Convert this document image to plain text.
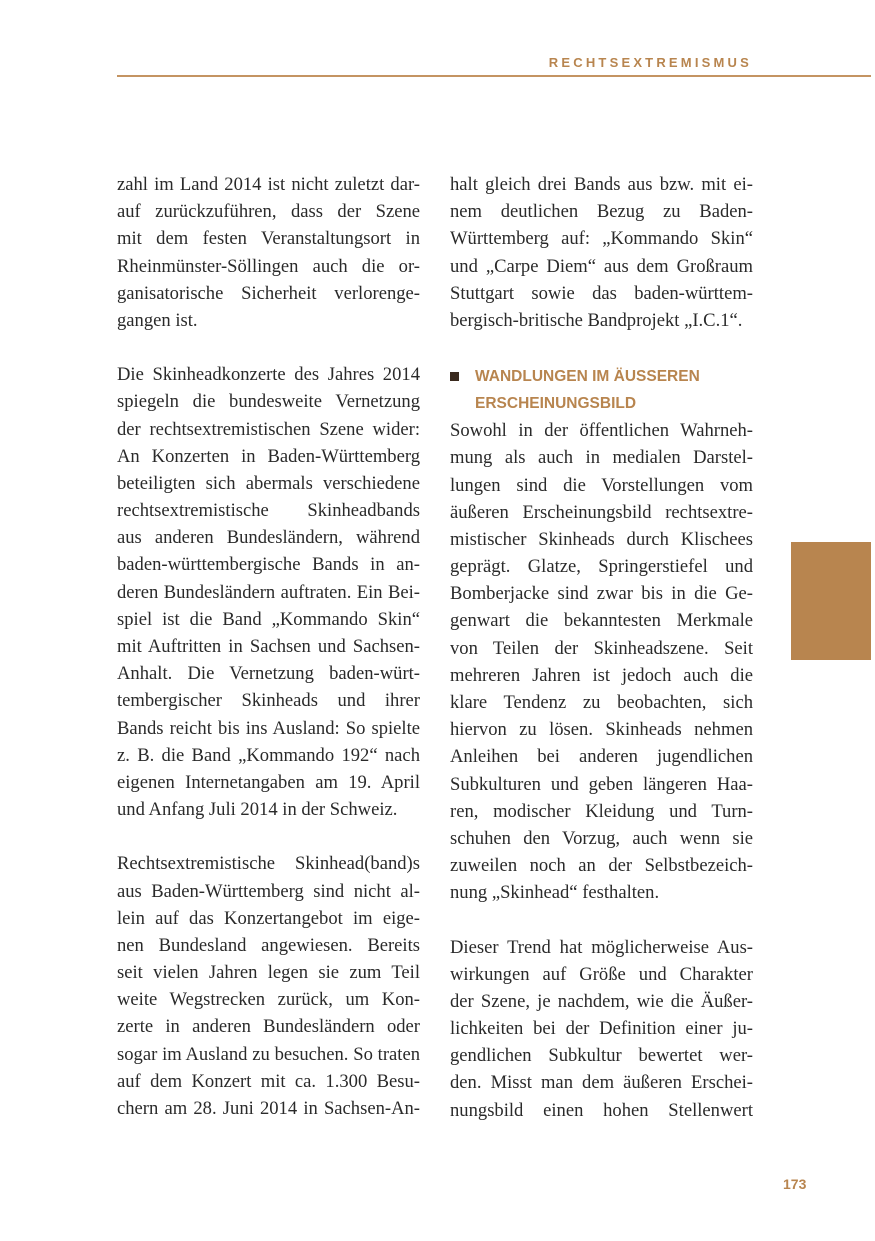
RECHTSEXTREMISMUS
zahl im Land 2014 ist nicht zuletzt dar-
auf zurückzuführen, dass der Szene
mit dem festen Veranstaltungsort in
Rheinmünster-Söllingen auch die or-
ganisatorische Sicherheit verlorenge-
gangen ist.
Die Skinheadkonzerte des Jahres 2014
spiegeln die bundesweite Vernetzung
der rechtsextremistischen Szene wider:
An Konzerten in Baden-Württemberg
beteiligten sich abermals verschiedene
rechtsextremistische Skinheadbands
aus anderen Bundesländern, während
baden-württembergische Bands in an-
deren Bundesländern auftraten. Ein Bei-
spiel ist die Band „Kommando Skin“
mit Auftritten in Sachsen und Sachsen-
Anhalt. Die Vernetzung baden-würt-
tembergischer Skinheads und ihrer
Bands reicht bis ins Ausland: So spielte
z. B. die Band „Kommando 192“ nach
eigenen Internetangaben am 19. April
und Anfang Juli 2014 in der Schweiz.
Rechtsextremistische Skinhead(band)s
aus Baden-Württemberg sind nicht al-
lein auf das Konzertangebot im eige-
nen Bundesland angewiesen. Bereits
seit vielen Jahren legen sie zum Teil
weite Wegstrecken zurück, um Kon-
zerte in anderen Bundesländern oder
sogar im Ausland zu besuchen. So traten
auf dem Konzert mit ca. 1.300 Besu-
chern am 28. Juni 2014 in Sachsen-An-
halt gleich drei Bands aus bzw. mit ei-
nem deutlichen Bezug zu Baden-
Württemberg auf: „Kommando Skin“
und „Carpe Diem“ aus dem Großraum
Stuttgart sowie das baden-württem-
bergisch-britische Bandprojekt „I.C.1“.
WANDLUNGEN IM ÄUSSEREN
ERSCHEINUNGSBILD
Sowohl in der öffentlichen Wahrneh-
mung als auch in medialen Darstel-
lungen sind die Vorstellungen vom
äußeren Erscheinungsbild rechtsextre-
mistischer Skinheads durch Klischees
geprägt. Glatze, Springerstiefel und
Bomberjacke sind zwar bis in die Ge-
genwart die bekanntesten Merkmale
von Teilen der Skinheadszene. Seit
mehreren Jahren ist jedoch auch die
klare Tendenz zu beobachten, sich
hiervon zu lösen. Skinheads nehmen
Anleihen bei anderen jugendlichen
Subkulturen und geben längeren Haa-
ren, modischer Kleidung und Turn-
schuhen den Vorzug, auch wenn sie
zuweilen noch an der Selbstbezeich-
nung „Skinhead“ festhalten.
Dieser Trend hat möglicherweise Aus-
wirkungen auf Größe und Charakter
der Szene, je nachdem, wie die Äußer-
lichkeiten bei der Definition einer ju-
gendlichen Subkultur bewertet wer-
den. Misst man dem äußeren Erschei-
nungsbild einen hohen Stellenwert
173
